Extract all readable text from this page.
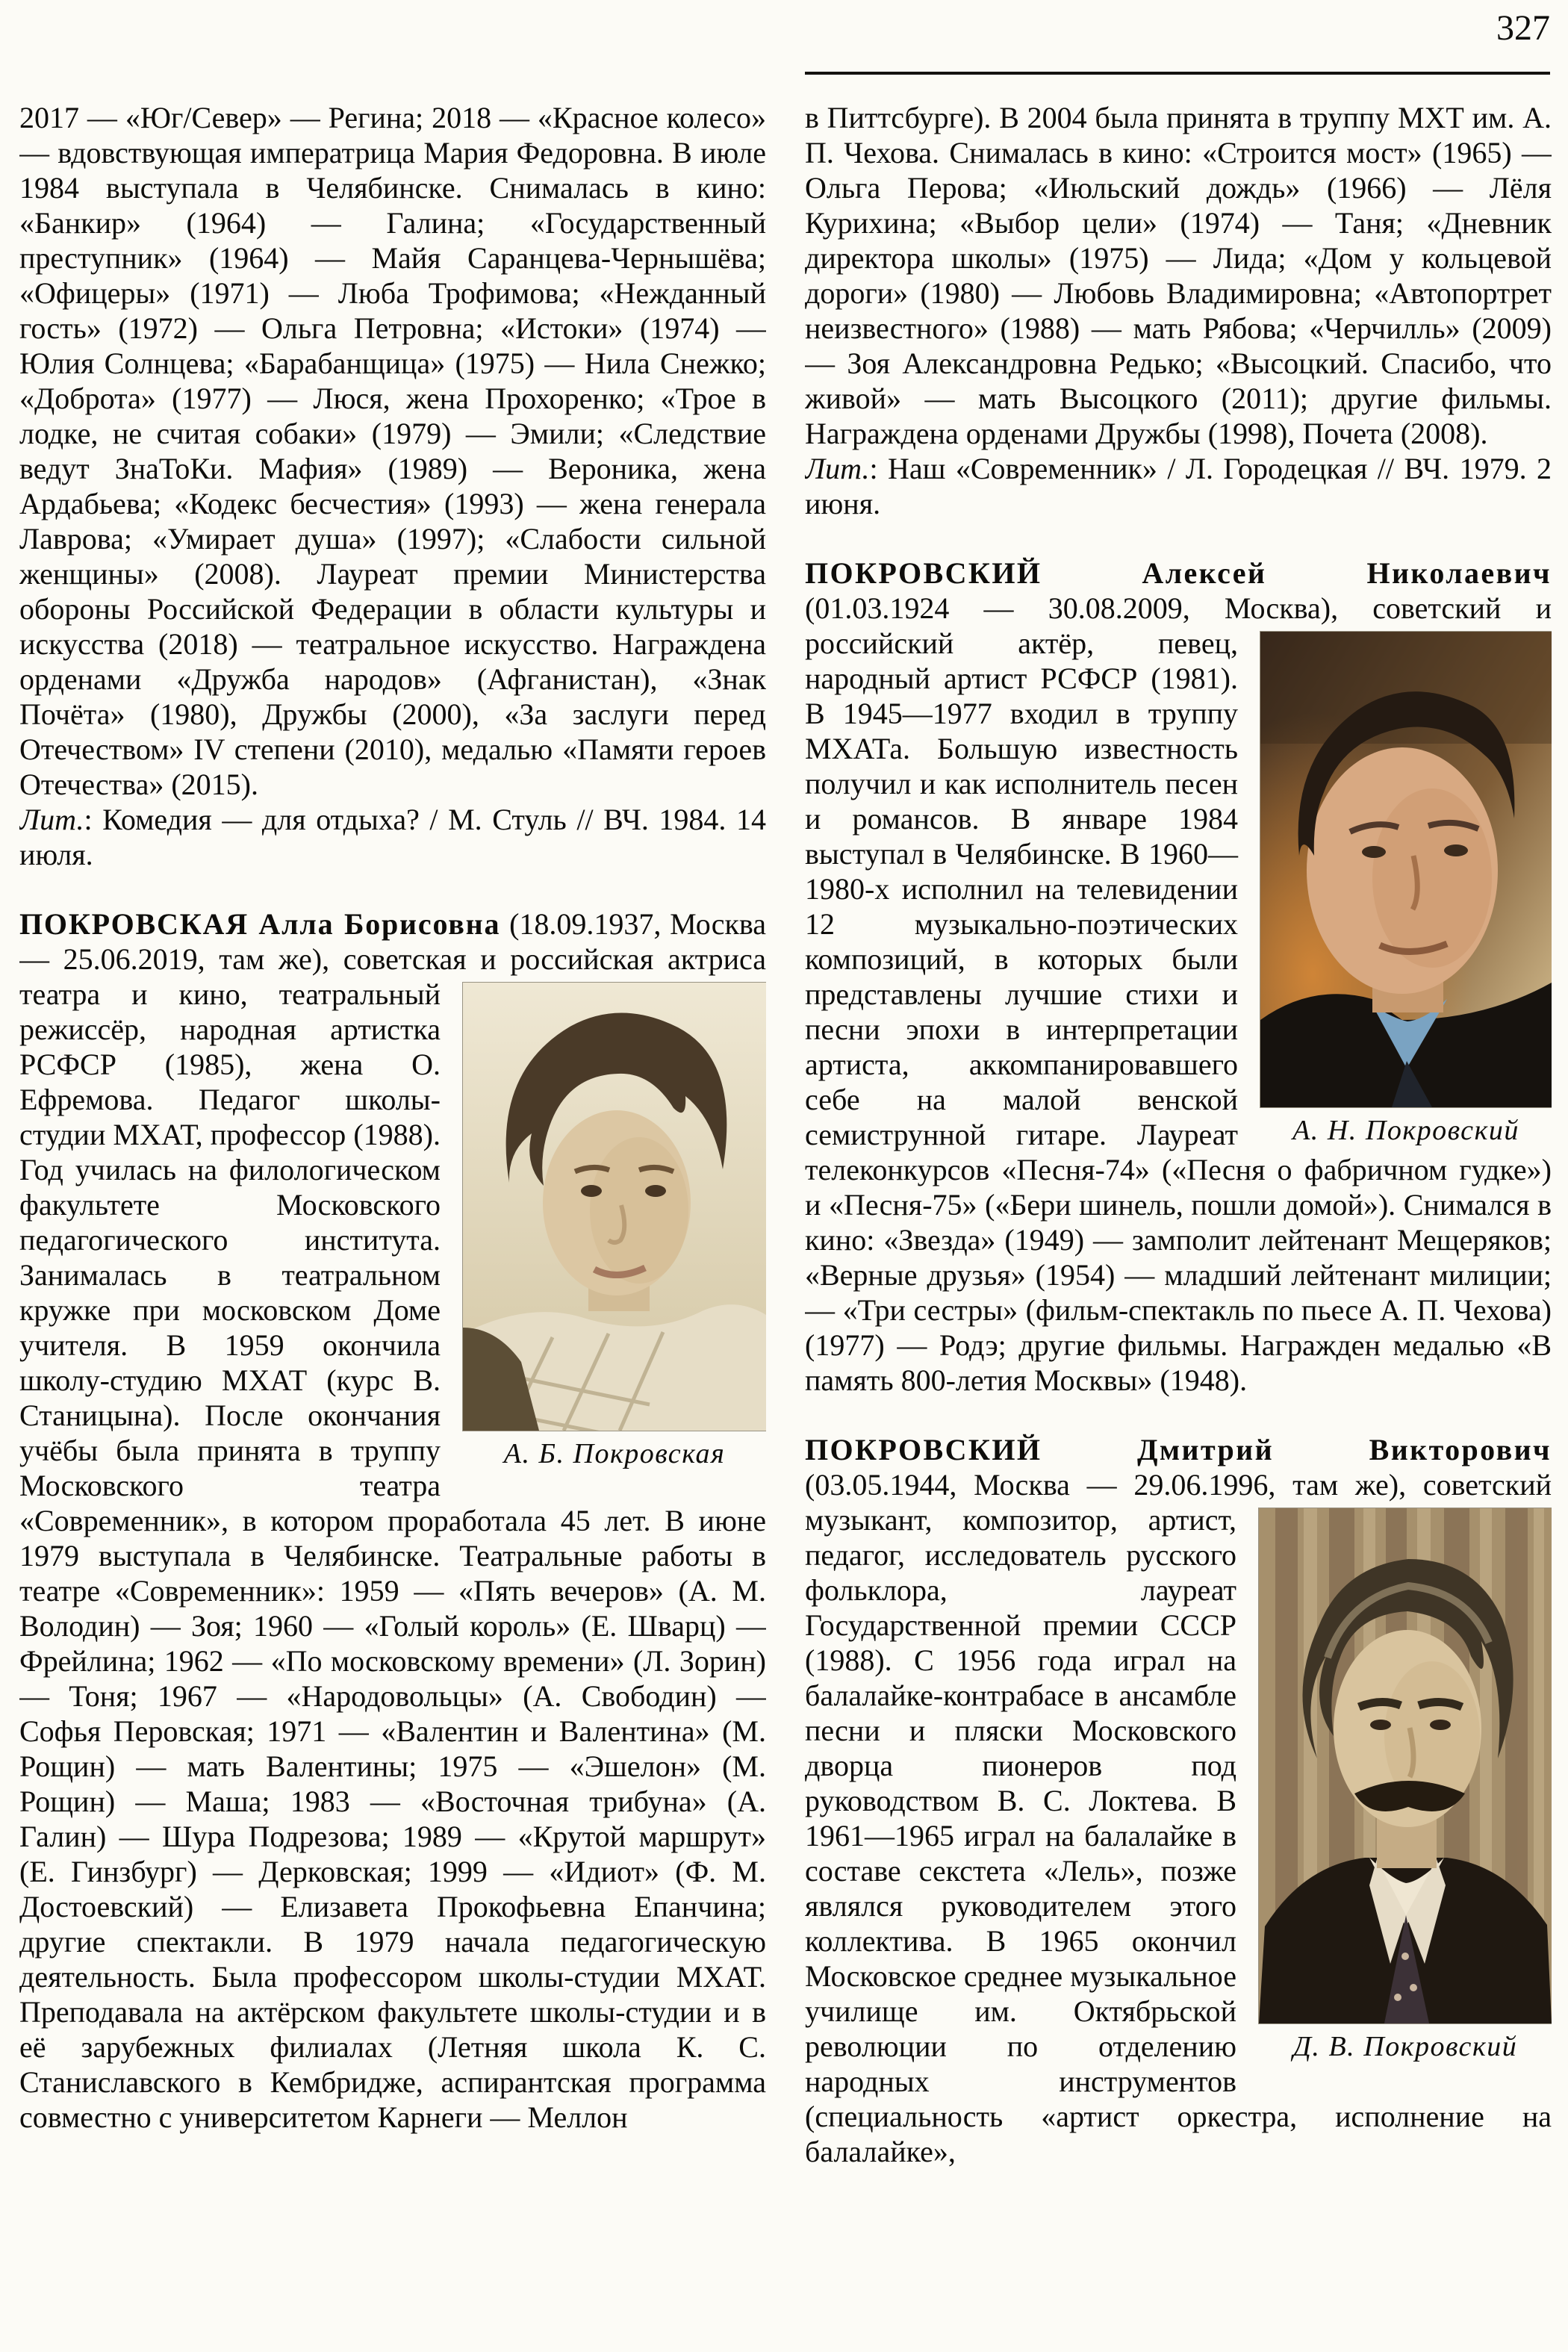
327

2017 — «Юг/Север» — Регина; 2018 — «Красное колесо» — вдовствующая императрица Мария Федоровна. В июле 1984 выступала в Челябинске. Снималась в кино: «Банкир» (1964) — Галина; «Государственный преступник» (1964) — Майя Саранцева-Чернышёва; «Офицеры» (1971) — Люба Трофимова; «Нежданный гость» (1972) — Ольга Петровна; «Истоки» (1974) — Юлия Солнцева; «Барабанщица» (1975) — Нила Снежко; «Доброта» (1977) — Люся, жена Прохоренко; «Трое в лодке, не считая собаки» (1979) — Эмили; «Следствие ведут ЗнаТоКи. Мафия» (1989) — Вероника, жена Ардабьева; «Кодекс бесчестия» (1993) — жена генерала Лаврова; «Умирает душа» (1997); «Слабости сильной женщины» (2008). Лауреат премии Министерства обороны Российской Федерации в области культуры и искусства (2018) — театральное искусство. Награждена орденами «Дружба народов» (Афганистан), «Знак Почёта» (1980), Дружбы (2000), «За заслуги перед Отечеством» IV степени (2010), медалью «Памяти героев Отечества» (2015).

Лит.: Комедия — для отдыха? / М. Стуль // ВЧ. 1984. 14 июля.

ПОКРОВСКАЯ Алла Борисовна (18.09.1937, Москва — 25.06.2019, там же), советская и
А. Б. Покровская
российская актриса театра и кино, театральный режиссёр, народная артистка РСФСР (1985), жена О. Ефремова. Педагог школы-студии МХАТ, профессор (1988). Год училась на филологическом факультете Московского педагогического института. Занималась в театральном кружке при московском Доме учителя. В 1959 окончила школу-студию МХАТ (курс В. Станицына). После окончания учёбы была принята в труппу Московского театра «Современник», в котором проработала 45 лет. В июне 1979 выступала в Челябинске. Театральные работы в театре «Современник»: 1959 — «Пять вечеров» (А. М. Володин) — Зоя; 1960 — «Голый король» (Е. Шварц) — Фрейлина; 1962 — «По московскому времени» (Л. Зорин) — Тоня; 1967 — «Народовольцы» (А. Свободин) — Софья Перовская; 1971 — «Валентин и Валентина» (М. Рощин) — мать Валентины; 1975 — «Эшелон» (М. Рощин) — Маша; 1983 — «Восточная трибуна» (А. Галин) — Шура Подрезова; 1989 — «Крутой маршрут» (Е. Гинзбург) — Дерковская; 1999 — «Идиот» (Ф. М. Достоевский) — Елизавета Прокофьевна Епанчина; другие спектакли. В 1979 начала педагогическую деятельность. Была профессором школы-студии МХАТ. Преподавала на актёрском факультете школы-студии и в её зарубежных филиалах (Летняя школа К. С. Станиславского в Кембридже, аспирантская программа совместно с университетом Карнеги — Меллон

в Питтсбурге). В 2004 была принята в труппу МХТ им. А. П. Чехова. Снималась в кино: «Строится мост» (1965) — Ольга Перова; «Июльский дождь» (1966) — Лёля Курихина; «Выбор цели» (1974) — Таня; «Дневник директора школы» (1975) — Лида; «Дом у кольцевой дороги» (1980) — Любовь Владимировна; «Автопортрет неизвестного» (1988) — мать Рябова; «Черчилль» (2009) — Зоя Александровна Редько; «Высоцкий. Спасибо, что живой» — мать Высоцкого (2011); другие фильмы. Награждена орденами Дружбы (1998), Почета (2008).

Лит.: Наш «Современник» / Л. Городецкая // ВЧ. 1979. 2 июня.

ПОКРОВСКИЙ Алексей Николаевич
(01.03.1924 — 30.08.2009, Москва), советский и
А. Н. Покровский
российский актёр, певец, народный артист РСФСР (1981). В 1945—1977 входил в труппу МХАТа. Большую известность получил и как исполнитель песен и романсов. В январе 1984 выступал в Челябинске. В 1960—1980-х исполнил на телевидении 12 музыкально-поэтических композиций, в которых были представлены лучшие стихи и песни эпохи в интерпретации артиста, аккомпанировавшего себе на малой венской семиструнной гитаре. Лауреат телеконкурсов «Песня-74» («Песня о фабричном гудке») и «Песня-75» («Бери шинель, пошли домой»). Снимался в кино: «Звезда» (1949) — замполит лейтенант Мещеряков; «Верные друзья» (1954) — младший лейтенант милиции; — «Три сестры» (фильм-спектакль по пьесе А. П. Чехова) (1977) — Родэ; другие фильмы. Награжден медалью «В память 800-летия Москвы» (1948).

ПОКРОВСКИЙ Дмитрий Викторович
(03.05.1944, Москва — 29.06.1996, там же),
Д. В. Покровский
советский музыкант, композитор, артист, педагог, исследователь русского фольклора, лауреат Государственной премии СССР (1988). С 1956 года играл на балалайке-контрабасе в ансамбле песни и пляски Московского дворца пионеров под руководством В. С. Локтева. В 1961—1965 играл на балалайке в составе секстета «Лель», позже являлся руководителем этого коллектива. В 1965 окончил Московское среднее музыкальное училище им. Октябрьской революции по отделению народных инструментов (специальность «артист оркестра, исполнение на балалайке»,
